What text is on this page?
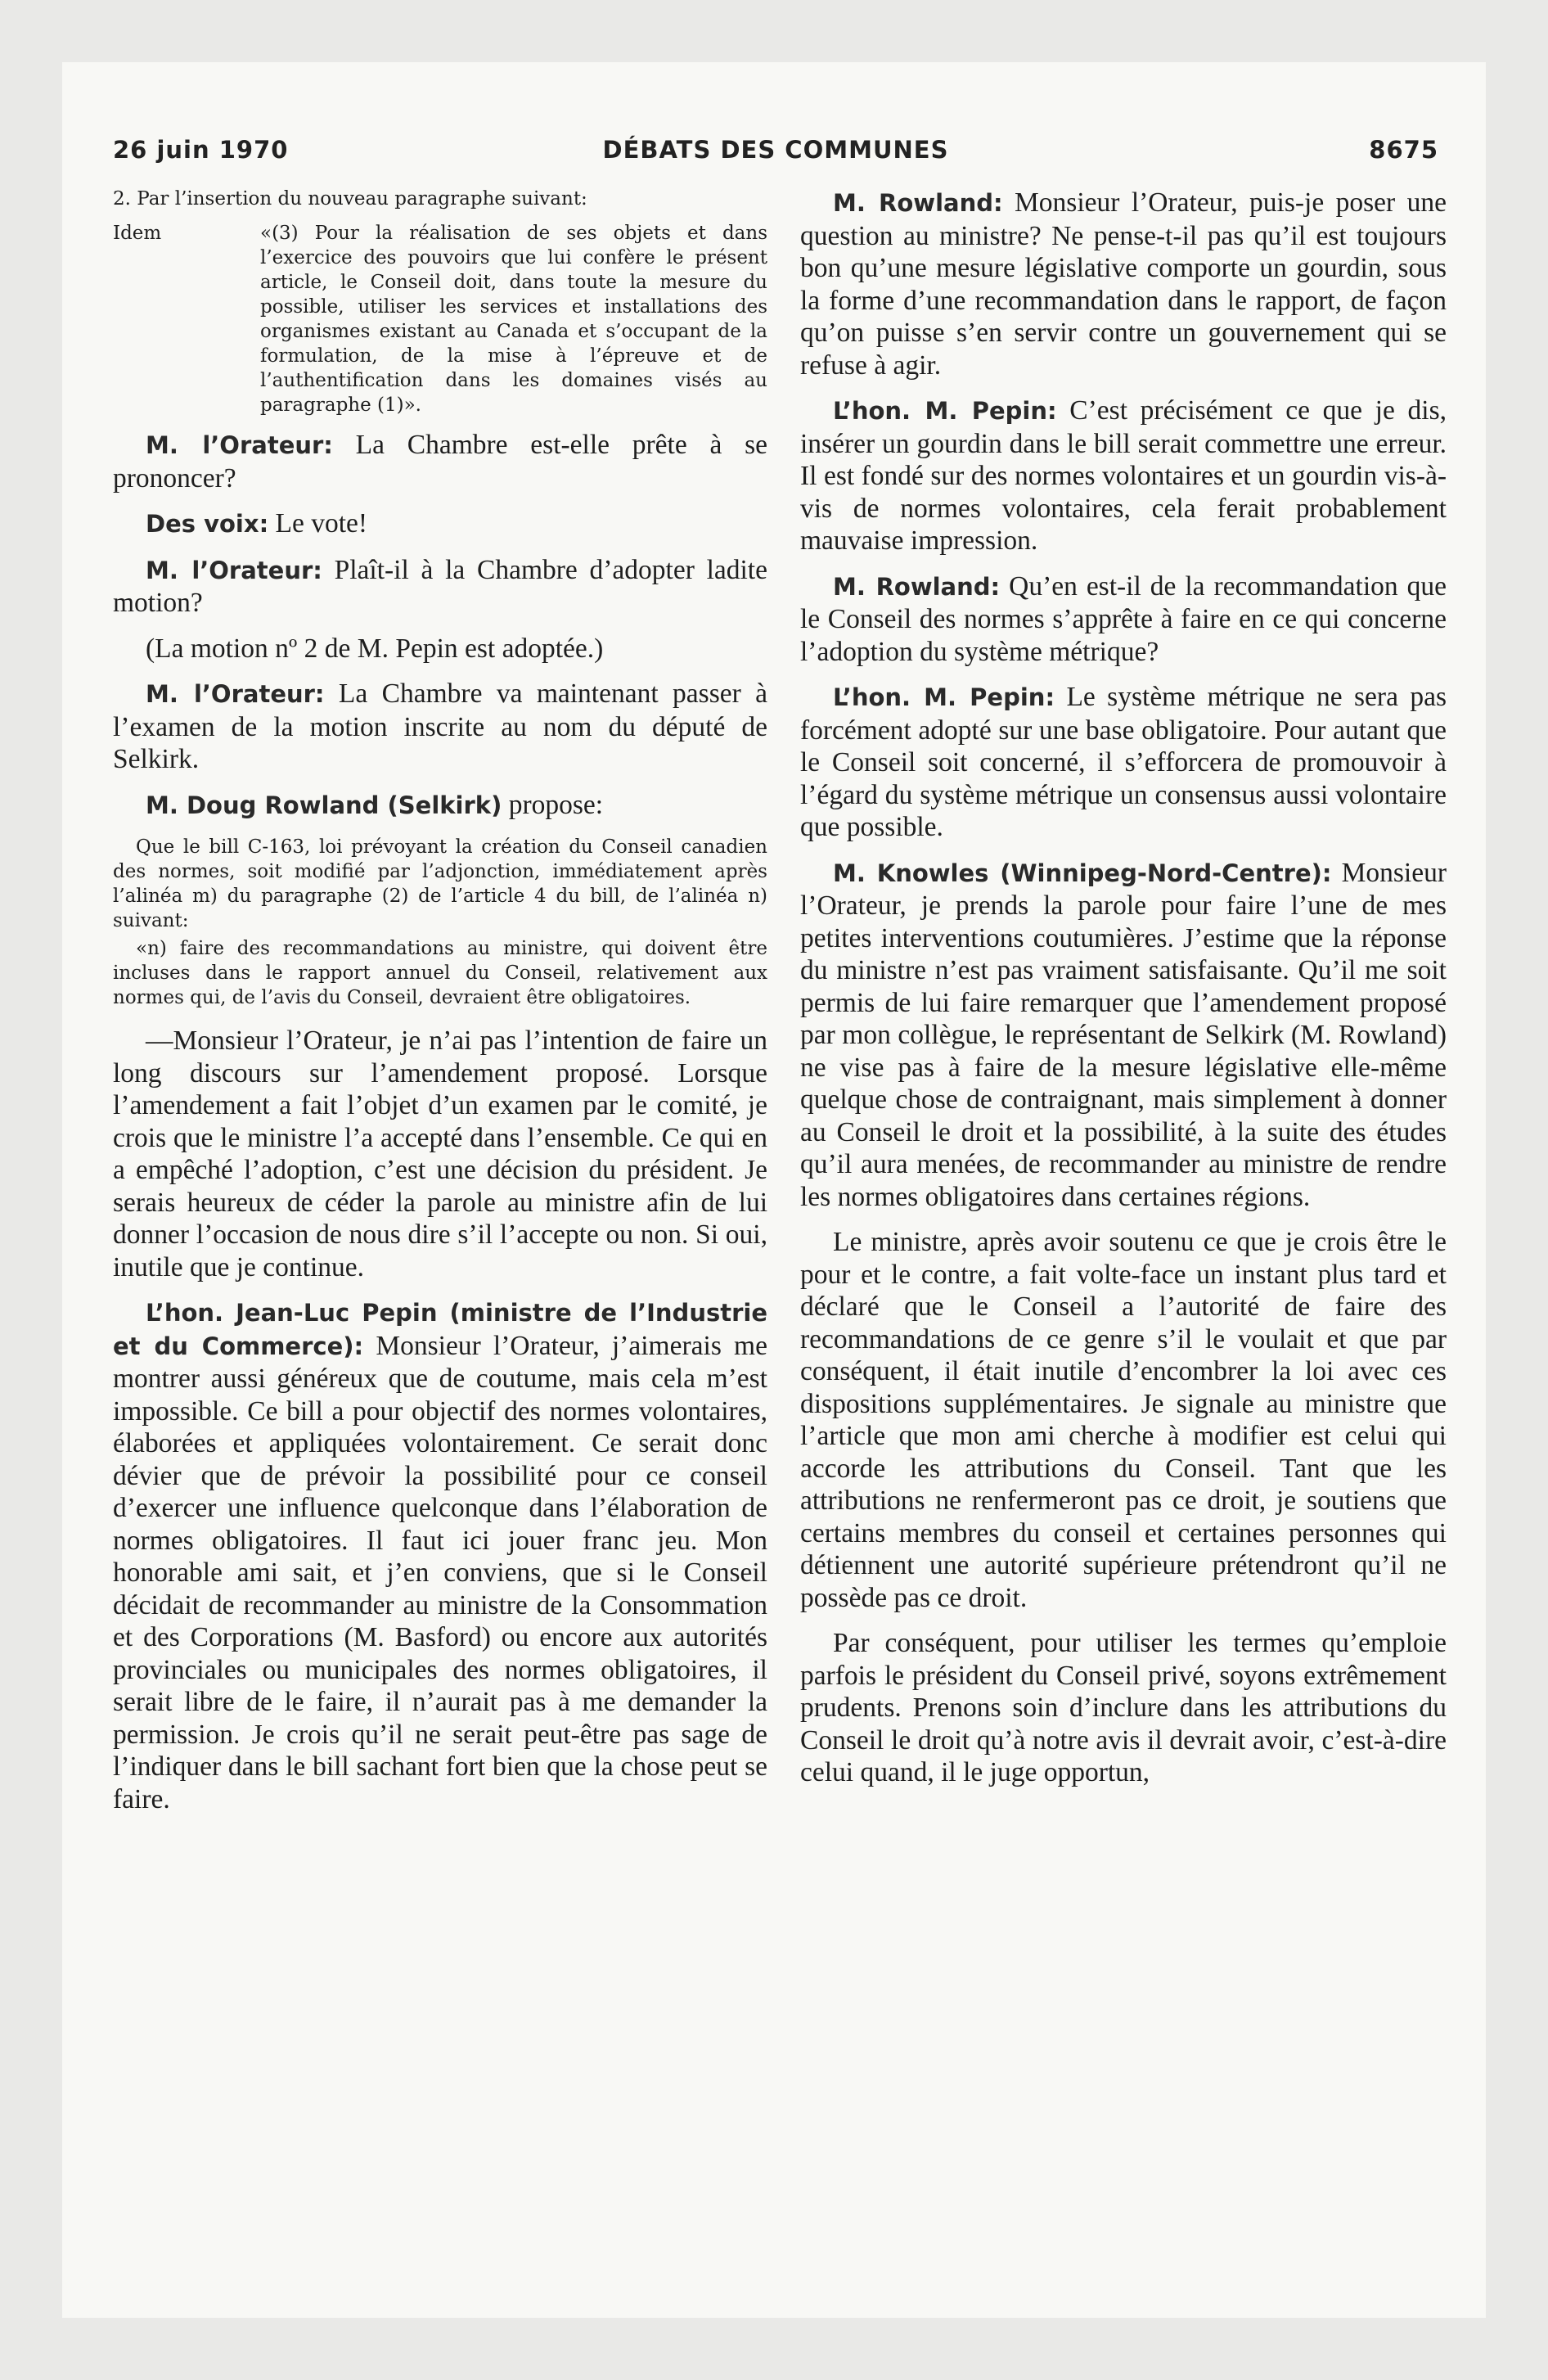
26 juin 1970	DÉBATS DES COMMUNES	8675

2. Par l’insertion du nouveau paragraphe suivant:

Idem	«(3) Pour la réalisation de ses objets et dans l’exercice des pouvoirs que lui confère le présent article, le Conseil doit, dans toute la mesure du possible, utiliser les services et installations des organismes existant au Canada et s’occupant de la formulation, de la mise à l’épreuve et de l’authentification dans les domaines visés au paragraphe (1)».

M. l’Orateur: La Chambre est-elle prête à se prononcer?

Des voix: Le vote!

M. l’Orateur: Plaît-il à la Chambre d’adopter ladite motion?

(La motion nº 2 de M. Pepin est adoptée.)

M. l’Orateur: La Chambre va maintenant passer à l’examen de la motion inscrite au nom du député de Selkirk.

M. Doug Rowland (Selkirk) propose:

Que le bill C-163, loi prévoyant la création du Conseil canadien des normes, soit modifié par l’adjonction, immédiatement après l’alinéa m) du paragraphe (2) de l’article 4 du bill, de l’alinéa n) suivant:

«n) faire des recommandations au ministre, qui doivent être incluses dans le rapport annuel du Conseil, relativement aux normes qui, de l’avis du Conseil, devraient être obligatoires.

—Monsieur l’Orateur, je n’ai pas l’intention de faire un long discours sur l’amendement proposé. Lorsque l’amendement a fait l’objet d’un examen par le comité, je crois que le ministre l’a accepté dans l’ensemble. Ce qui en a empêché l’adoption, c’est une décision du président. Je serais heureux de céder la parole au ministre afin de lui donner l’occasion de nous dire s’il l’accepte ou non. Si oui, inutile que je continue.

L’hon. Jean-Luc Pepin (ministre de l’Industrie et du Commerce): Monsieur l’Orateur, j’aimerais me montrer aussi généreux que de coutume, mais cela m’est impossible. Ce bill a pour objectif des normes volontaires, élaborées et appliquées volontairement. Ce serait donc dévier que de prévoir la possibilité pour ce conseil d’exercer une influence quelconque dans l’élaboration de normes obligatoires. Il faut ici jouer franc jeu. Mon honorable ami sait, et j’en conviens, que si le Conseil décidait de recommander au ministre de la Consommation et des Corporations (M. Basford) ou encore aux autorités provinciales ou municipales des normes obligatoires, il serait libre de le faire, il n’aurait pas à me demander la permission. Je crois qu’il ne serait peut-être pas sage de l’indiquer dans le bill sachant fort bien que la chose peut se faire.

M. Rowland: Monsieur l’Orateur, puis-je poser une question au ministre? Ne pense-t-il pas qu’il est toujours bon qu’une mesure législative comporte un gourdin, sous la forme d’une recommandation dans le rapport, de façon qu’on puisse s’en servir contre un gouvernement qui se refuse à agir.

L’hon. M. Pepin: C’est précisément ce que je dis, insérer un gourdin dans le bill serait commettre une erreur. Il est fondé sur des normes volontaires et un gourdin vis-à-vis de normes volontaires, cela ferait probablement mauvaise impression.

M. Rowland: Qu’en est-il de la recommandation que le Conseil des normes s’apprête à faire en ce qui concerne l’adoption du système métrique?

L’hon. M. Pepin: Le système métrique ne sera pas forcément adopté sur une base obligatoire. Pour autant que le Conseil soit concerné, il s’efforcera de promouvoir à l’égard du système métrique un consensus aussi volontaire que possible.

M. Knowles (Winnipeg-Nord-Centre): Monsieur l’Orateur, je prends la parole pour faire l’une de mes petites interventions coutumières. J’estime que la réponse du ministre n’est pas vraiment satisfaisante. Qu’il me soit permis de lui faire remarquer que l’amendement proposé par mon collègue, le représentant de Selkirk (M. Rowland) ne vise pas à faire de la mesure législative elle-même quelque chose de contraignant, mais simplement à donner au Conseil le droit et la possibilité, à la suite des études qu’il aura menées, de recommander au ministre de rendre les normes obligatoires dans certaines régions.

Le ministre, après avoir soutenu ce que je crois être le pour et le contre, a fait volte-face un instant plus tard et déclaré que le Conseil a l’autorité de faire des recommandations de ce genre s’il le voulait et que par conséquent, il était inutile d’encombrer la loi avec ces dispositions supplémentaires. Je signale au ministre que l’article que mon ami cherche à modifier est celui qui accorde les attributions du Conseil. Tant que les attributions ne renfermeront pas ce droit, je soutiens que certains membres du conseil et certaines personnes qui détiennent une autorité supérieure prétendront qu’il ne possède pas ce droit.

Par conséquent, pour utiliser les termes qu’emploie parfois le président du Conseil privé, soyons extrêmement prudents. Prenons soin d’inclure dans les attributions du Conseil le droit qu’à notre avis il devrait avoir, c’est-à-dire celui quand, il le juge opportun,
